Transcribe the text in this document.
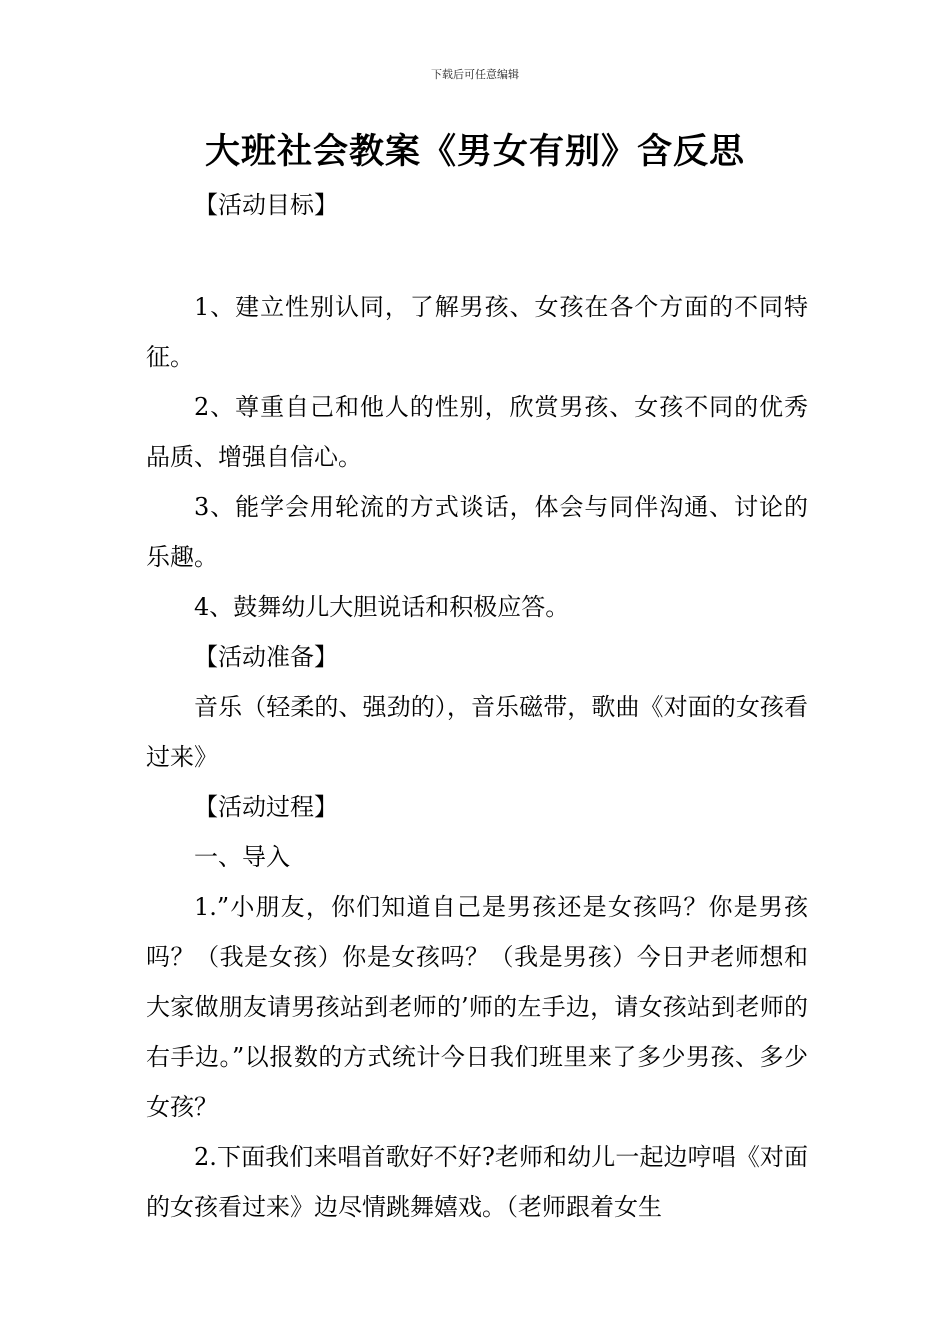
下载后可任意编辑
大班社会教案《男女有别》含反思
【活动目标】

1、建立性别认同，了解男孩、女孩在各个方面的不同特征。

2、尊重自己和他人的性别，欣赏男孩、女孩不同的优秀品质、增强自信心。

3、能学会用轮流的方式谈话，体会与同伴沟通、讨论的乐趣。

4、鼓舞幼儿大胆说话和积极应答。

【活动准备】

音乐（轻柔的、强劲的），音乐磁带，歌曲《对面的女孩看过来》

【活动过程】
一、导入

1.”小朋友，你们知道自己是男孩还是女孩吗？你是男孩吗？（我是女孩）你是女孩吗？（我是男孩）今日尹老师想和大家做朋友请男孩站到老师的’师的左手边，请女孩站到老师的右手边。”以报数的方式统计今日我们班里来了多少男孩、多少女孩？

2.下面我们来唱首歌好不好?老师和幼儿一起边哼唱《对面的女孩看过来》边尽情跳舞嬉戏。（老师跟着女生
